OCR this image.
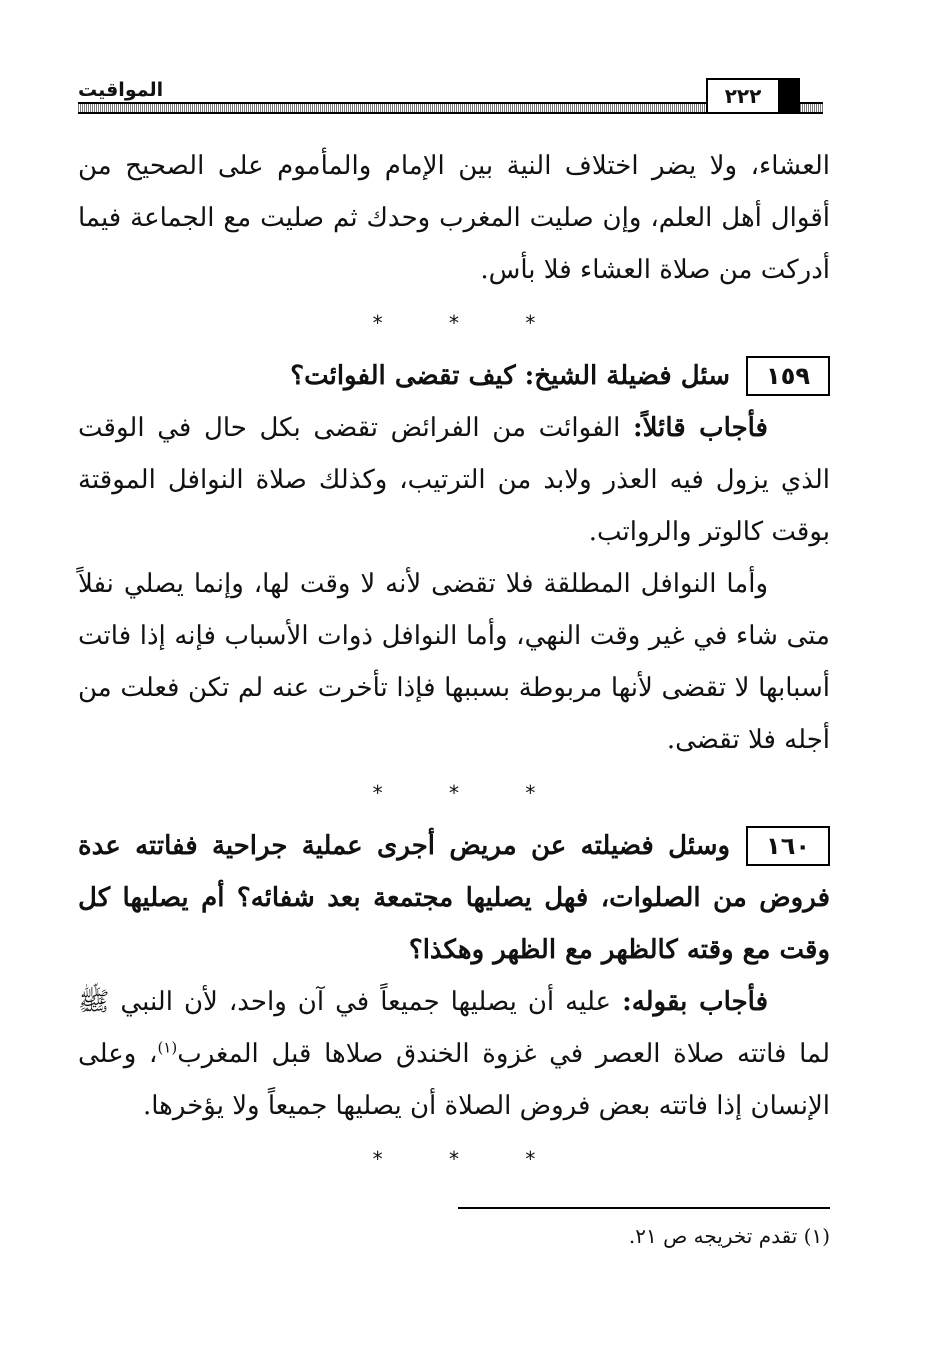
المواقيت	٢٢٢

العشاء، ولا يضر اختلاف النية بين الإمام والمأموم على الصحيح من أقوال أهل العلم، وإن صليت المغرب وحدك ثم صليت مع الجماعة فيما أدركت من صلاة العشاء فلا بأس.

* * *

١٥٩سئل فضيلة الشيخ: كيف تقضى الفوائت؟

فأجاب قائلاً: الفوائت من الفرائض تقضى بكل حال في الوقت الذي يزول فيه العذر ولابد من الترتيب، وكذلك صلاة النوافل الموقتة بوقت كالوتر والرواتب.

وأما النوافل المطلقة فلا تقضى لأنه لا وقت لها، وإنما يصلي نفلاً متى شاء في غير وقت النهي، وأما النوافل ذوات الأسباب فإنه إذا فاتت أسبابها لا تقضى لأنها مربوطة بسببها فإذا تأخرت عنه لم تكن فعلت من أجله فلا تقضى.

* * *

١٦٠وسئل فضيلته عن مريض أجرى عملية جراحية ففاتته عدة فروض من الصلوات، فهل يصليها مجتمعة بعد شفائه؟ أم يصليها كل وقت مع وقته كالظهر مع الظهر وهكذا؟

فأجاب بقوله: عليه أن يصليها جميعاً في آن واحد، لأن النبي ﷺ لما فاتته صلاة العصر في غزوة الخندق صلاها قبل المغرب$^{(١)}$، وعلى الإنسان إذا فاتته بعض فروض الصلاة أن يصليها جميعاً ولا يؤخرها.

* * *
(١) تقدم تخريجه ص ٢١.
